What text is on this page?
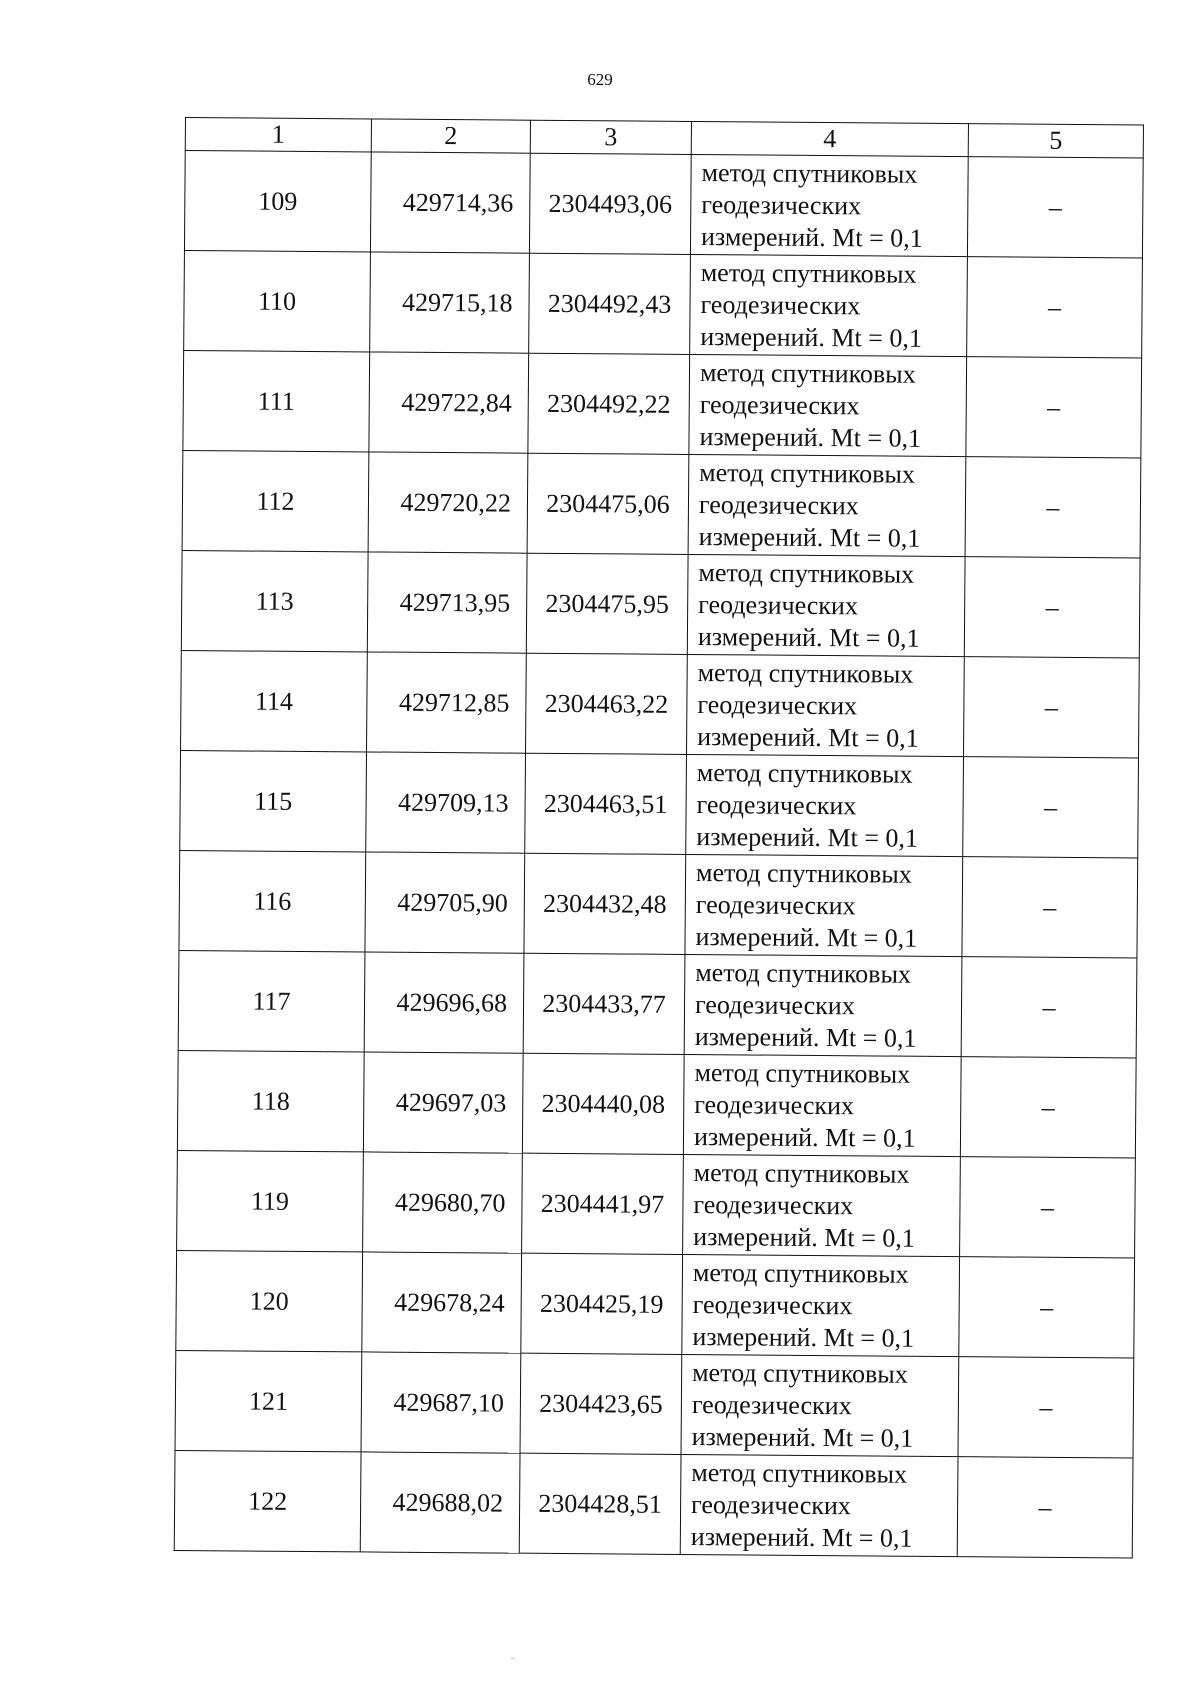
629
1	2	3	4	5
109	429714,36	2304493,06	метод спутниковых
геодезических
измерений. Mt = 0,1	–
110	429715,18	2304492,43	метод спутниковых
геодезических
измерений. Mt = 0,1	–
111	429722,84	2304492,22	метод спутниковых
геодезических
измерений. Mt = 0,1	–
112	429720,22	2304475,06	метод спутниковых
геодезических
измерений. Mt = 0,1	–
113	429713,95	2304475,95	метод спутниковых
геодезических
измерений. Mt = 0,1	–
114	429712,85	2304463,22	метод спутниковых
геодезических
измерений. Mt = 0,1	–
115	429709,13	2304463,51	метод спутниковых
геодезических
измерений. Mt = 0,1	–
116	429705,90	2304432,48	метод спутниковых
геодезических
измерений. Mt = 0,1	–
117	429696,68	2304433,77	метод спутниковых
геодезических
измерений. Mt = 0,1	–
118	429697,03	2304440,08	метод спутниковых
геодезических
измерений. Mt = 0,1	–
119	429680,70	2304441,97	метод спутниковых
геодезических
измерений. Mt = 0,1	–
120	429678,24	2304425,19	метод спутниковых
геодезических
измерений. Mt = 0,1	–
121	429687,10	2304423,65	метод спутниковых
геодезических
измерений. Mt = 0,1	–
122	429688,02	2304428,51	метод спутниковых
геодезических
измерений. Mt = 0,1	–
